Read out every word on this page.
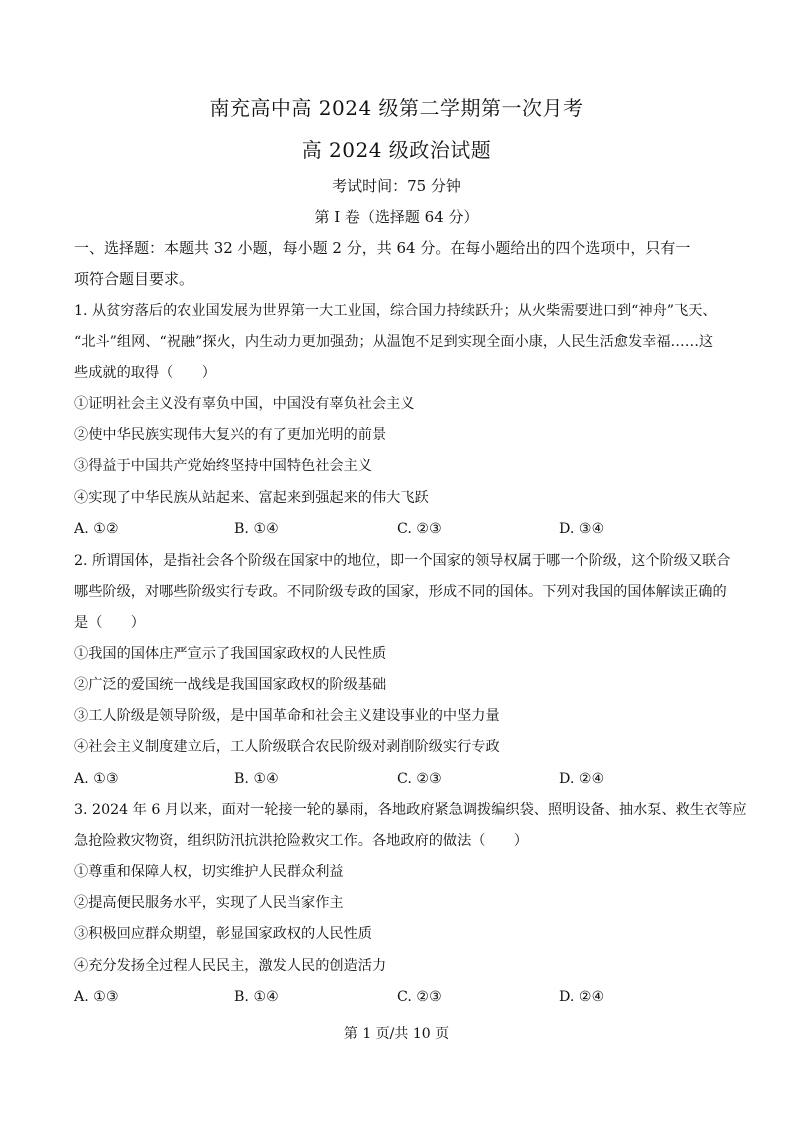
南充高中高 2024 级第二学期第一次月考
高 2024 级政治试题
考试时间：75 分钟
第 I 卷（选择题 64 分）
一、选择题：本题共 32 小题，每小题 2 分，共 64 分。在每小题给出的四个选项中，只有一
项符合题目要求。
1. 从贫穷落后的农业国发展为世界第一大工业国，综合国力持续跃升；从火柴需要进口到“神舟”飞天、
“北斗”组网、“祝融”探火，内生动力更加强劲；从温饱不足到实现全面小康，人民生活愈发幸福……这
些成就的取得（　　）
①证明社会主义没有辜负中国，中国没有辜负社会主义
②使中华民族实现伟大复兴的有了更加光明的前景
③得益于中国共产党始终坚持中国特色社会主义
④实现了中华民族从站起来、富起来到强起来的伟大飞跃
A. ①②	B. ①④	C. ②③	D. ③④
2. 所谓国体，是指社会各个阶级在国家中的地位，即一个国家的领导权属于哪一个阶级，这个阶级又联合
哪些阶级，对哪些阶级实行专政。不同阶级专政的国家，形成不同的国体。下列对我国的国体解读正确的
是（　　）
①我国的国体庄严宣示了我国国家政权的人民性质
②广泛的爱国统一战线是我国国家政权的阶级基础
③工人阶级是领导阶级，是中国革命和社会主义建设事业的中坚力量
④社会主义制度建立后，工人阶级联合农民阶级对剥削阶级实行专政
A. ①③	B. ①④	C. ②③	D. ②④
3. 2024 年 6 月以来，面对一轮接一轮的暴雨，各地政府紧急调拨编织袋、照明设备、抽水泵、救生衣等应
急抢险救灾物资，组织防汛抗洪抢险救灾工作。各地政府的做法（　　）
①尊重和保障人权，切实维护人民群众利益
②提高便民服务水平，实现了人民当家作主
③积极回应群众期望，彰显国家政权的人民性质
④充分发扬全过程人民民主，激发人民的创造活力
A. ①③	B. ①④	C. ②③	D. ②④
第 1 页/共 10 页
